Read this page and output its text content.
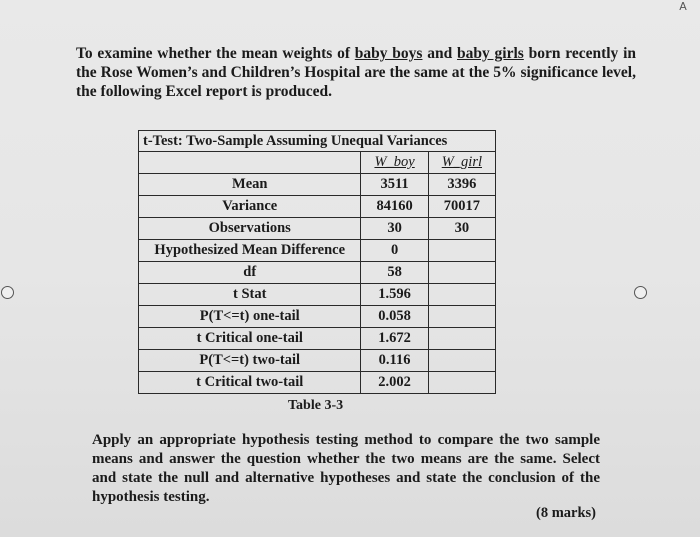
A
To examine whether the mean weights of baby boys and baby girls born recently in the Rose Women’s and Children’s Hospital are the same at the 5% significance level, the following Excel report is produced.
t-Test: Two-Sample Assuming Unequal Variances		
	W_boy	W_girl
Mean	3511	3396
Variance	84160	70017
Observations	30	30
Hypothesized Mean Difference	0	
df	58	
t Stat	1.596	
P(T<=t) one-tail	0.058	
t Critical one-tail	1.672	
P(T<=t) two-tail	0.116	
t Critical two-tail	2.002	
Table 3-3
Apply an appropriate hypothesis testing method to compare the two sample means and answer the question whether the two means are the same. Select and state the null and alternative hypotheses and state the conclusion of the hypothesis testing.
(8 marks)
